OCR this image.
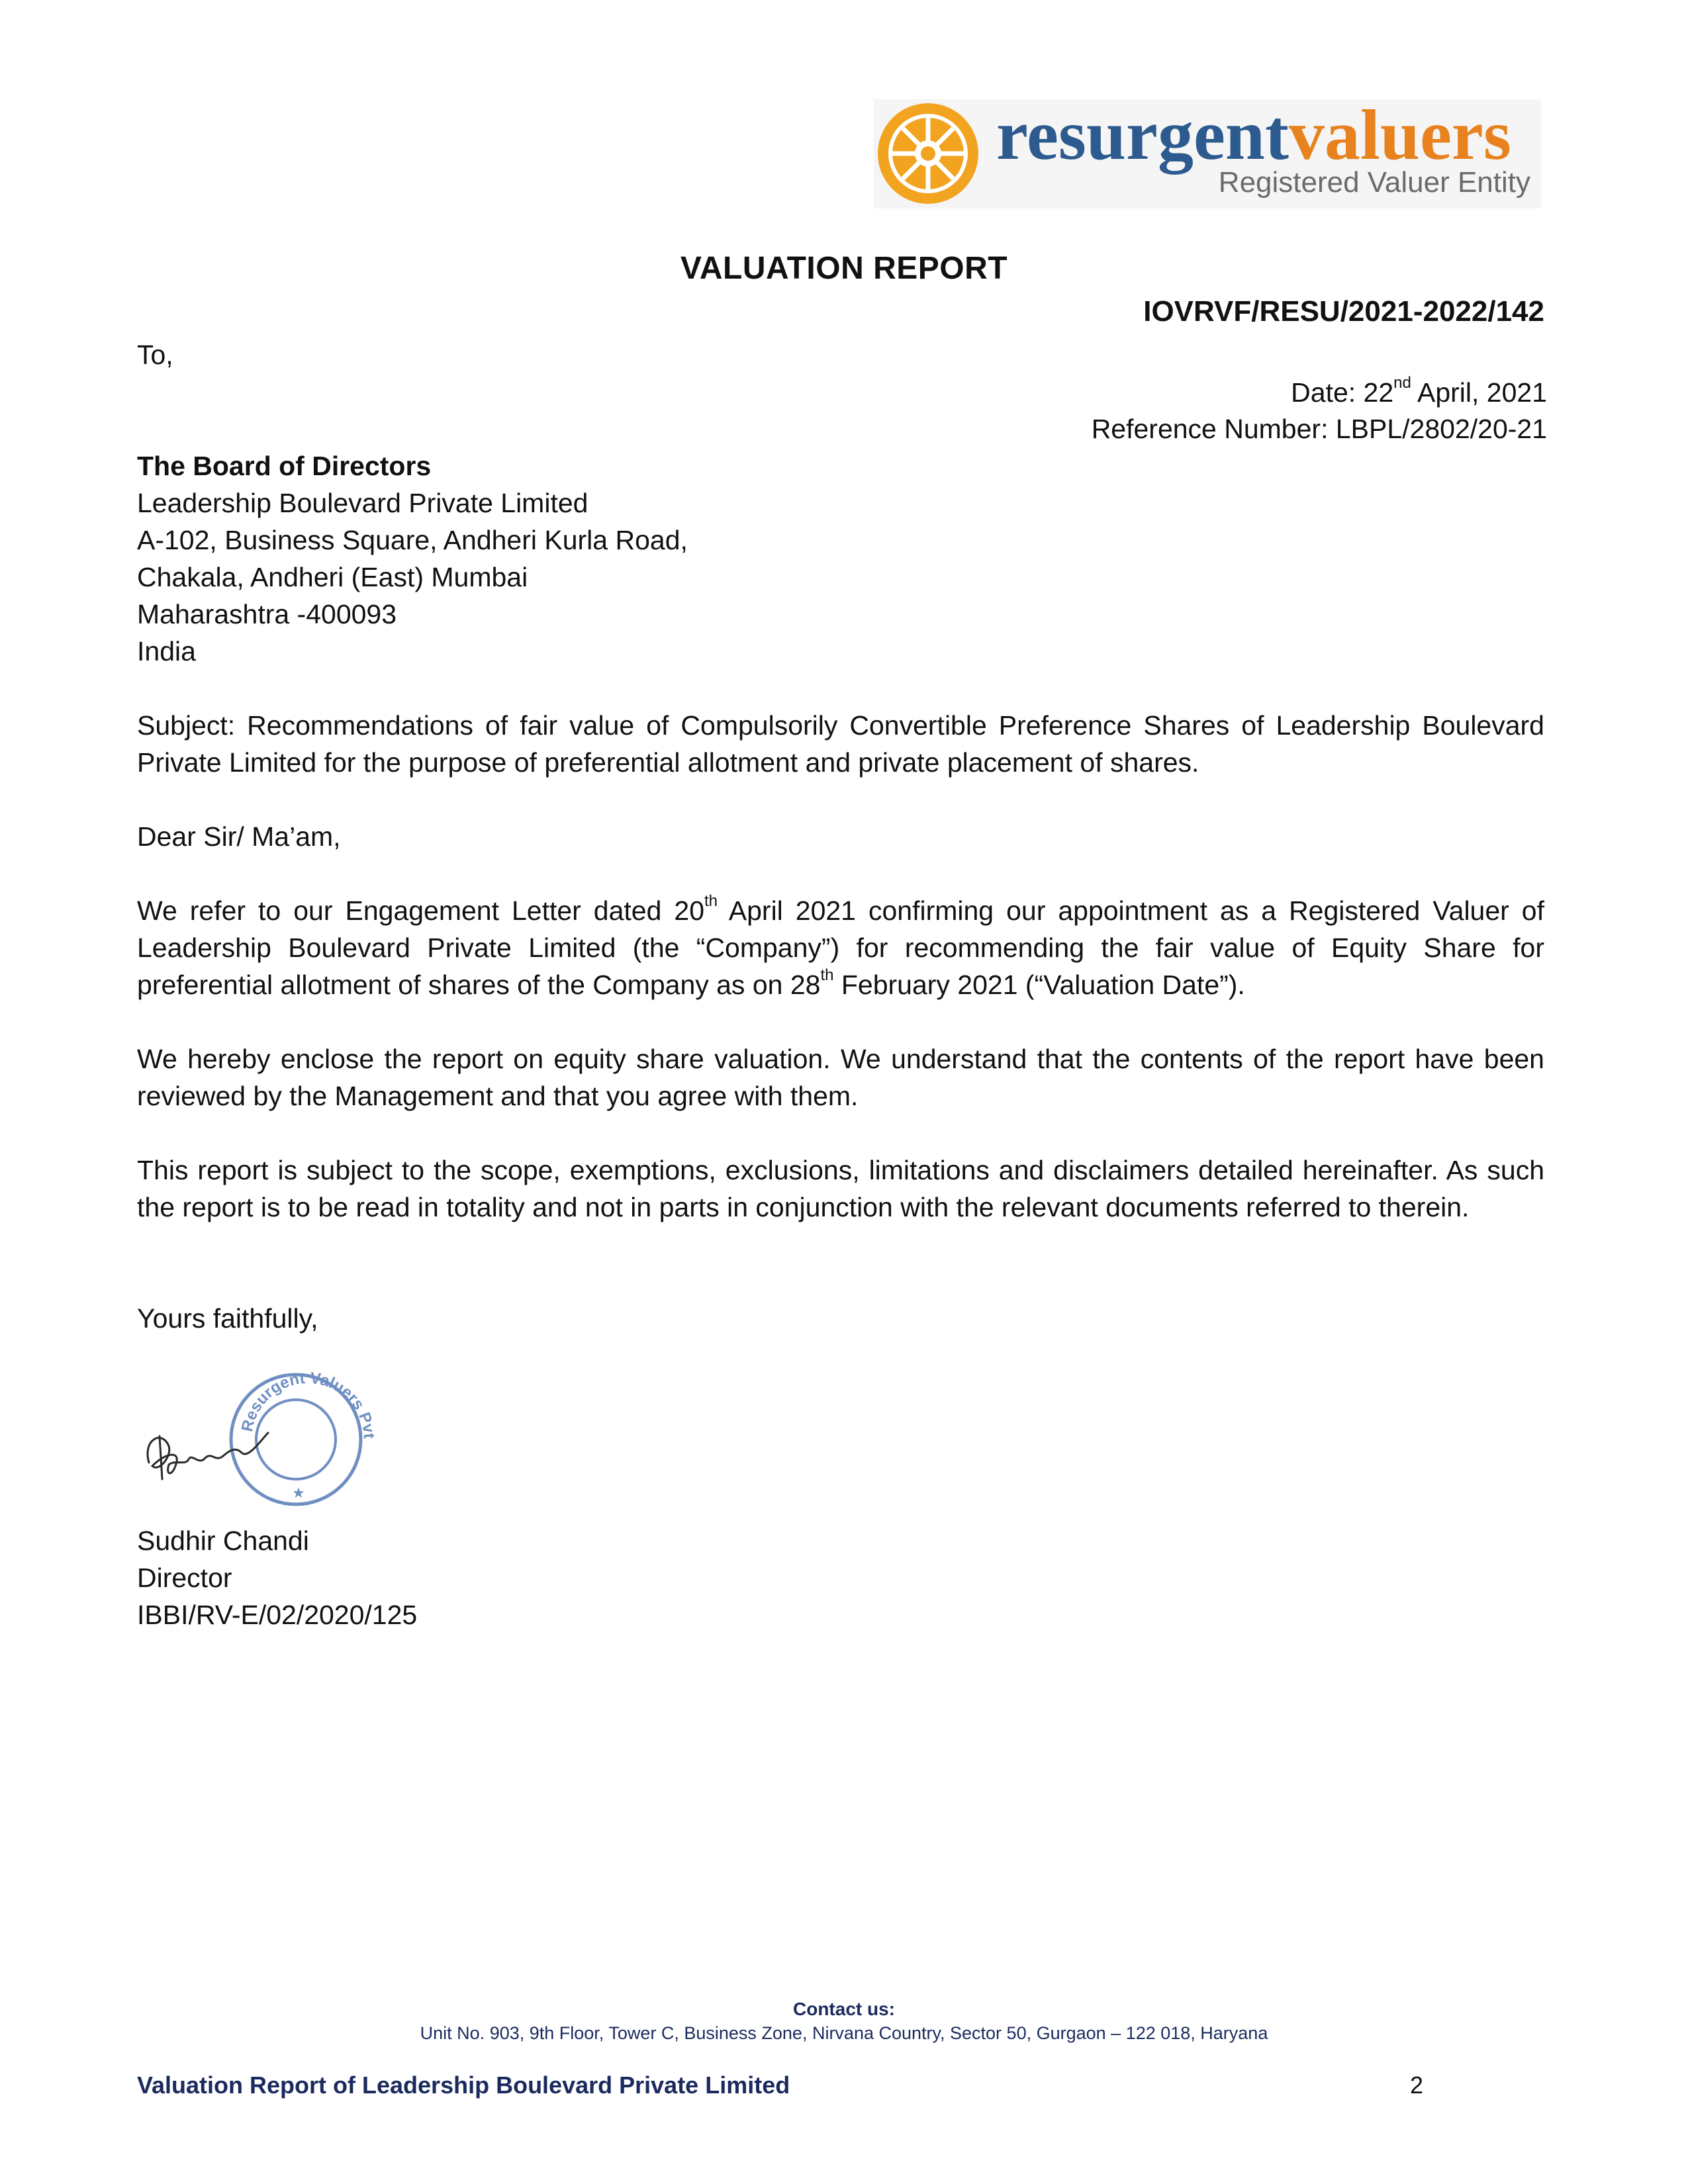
resurgentvaluers
Registered Valuer Entity
VALUATION REPORT
IOVRVF/RESU/2021-2022/142
To,
Date: 22nd April, 2021
Reference Number: LBPL/2802/20-21
The Board of Directors
Leadership Boulevard Private Limited
A-102, Business Square, Andheri Kurla Road,
Chakala, Andheri (East) Mumbai
Maharashtra -400093
India
Subject: Recommendations of fair value of Compulsorily Convertible Preference Shares of Leadership Boulevard Private Limited for the purpose of preferential allotment and private placement of shares.
Dear Sir/ Ma’am,
We refer to our Engagement Letter dated 20th April 2021 confirming our appointment as a Registered Valuer of Leadership Boulevard Private Limited (the “Company”) for recommending the fair value of Equity Share for preferential allotment of shares of the Company as on 28th February 2021 (“Valuation Date”).
We hereby enclose the report on equity share valuation. We understand that the contents of the report have been reviewed by the Management and that you agree with them.
This report is subject to the scope, exemptions, exclusions, limitations and disclaimers detailed hereinafter. As such the report is to be read in totality and not in parts in conjunction with the relevant documents referred to therein.
Yours faithfully,
Resurgent Valuers P
★
Sudhir Chandi
Director
IBBI/RV-E/02/2020/125
Contact us:
Unit No. 903, 9th Floor, Tower C, Business Zone, Nirvana Country, Sector 50, Gurgaon – 122 018, Haryana
Valuation Report of Leadership Boulevard Private Limited	2
